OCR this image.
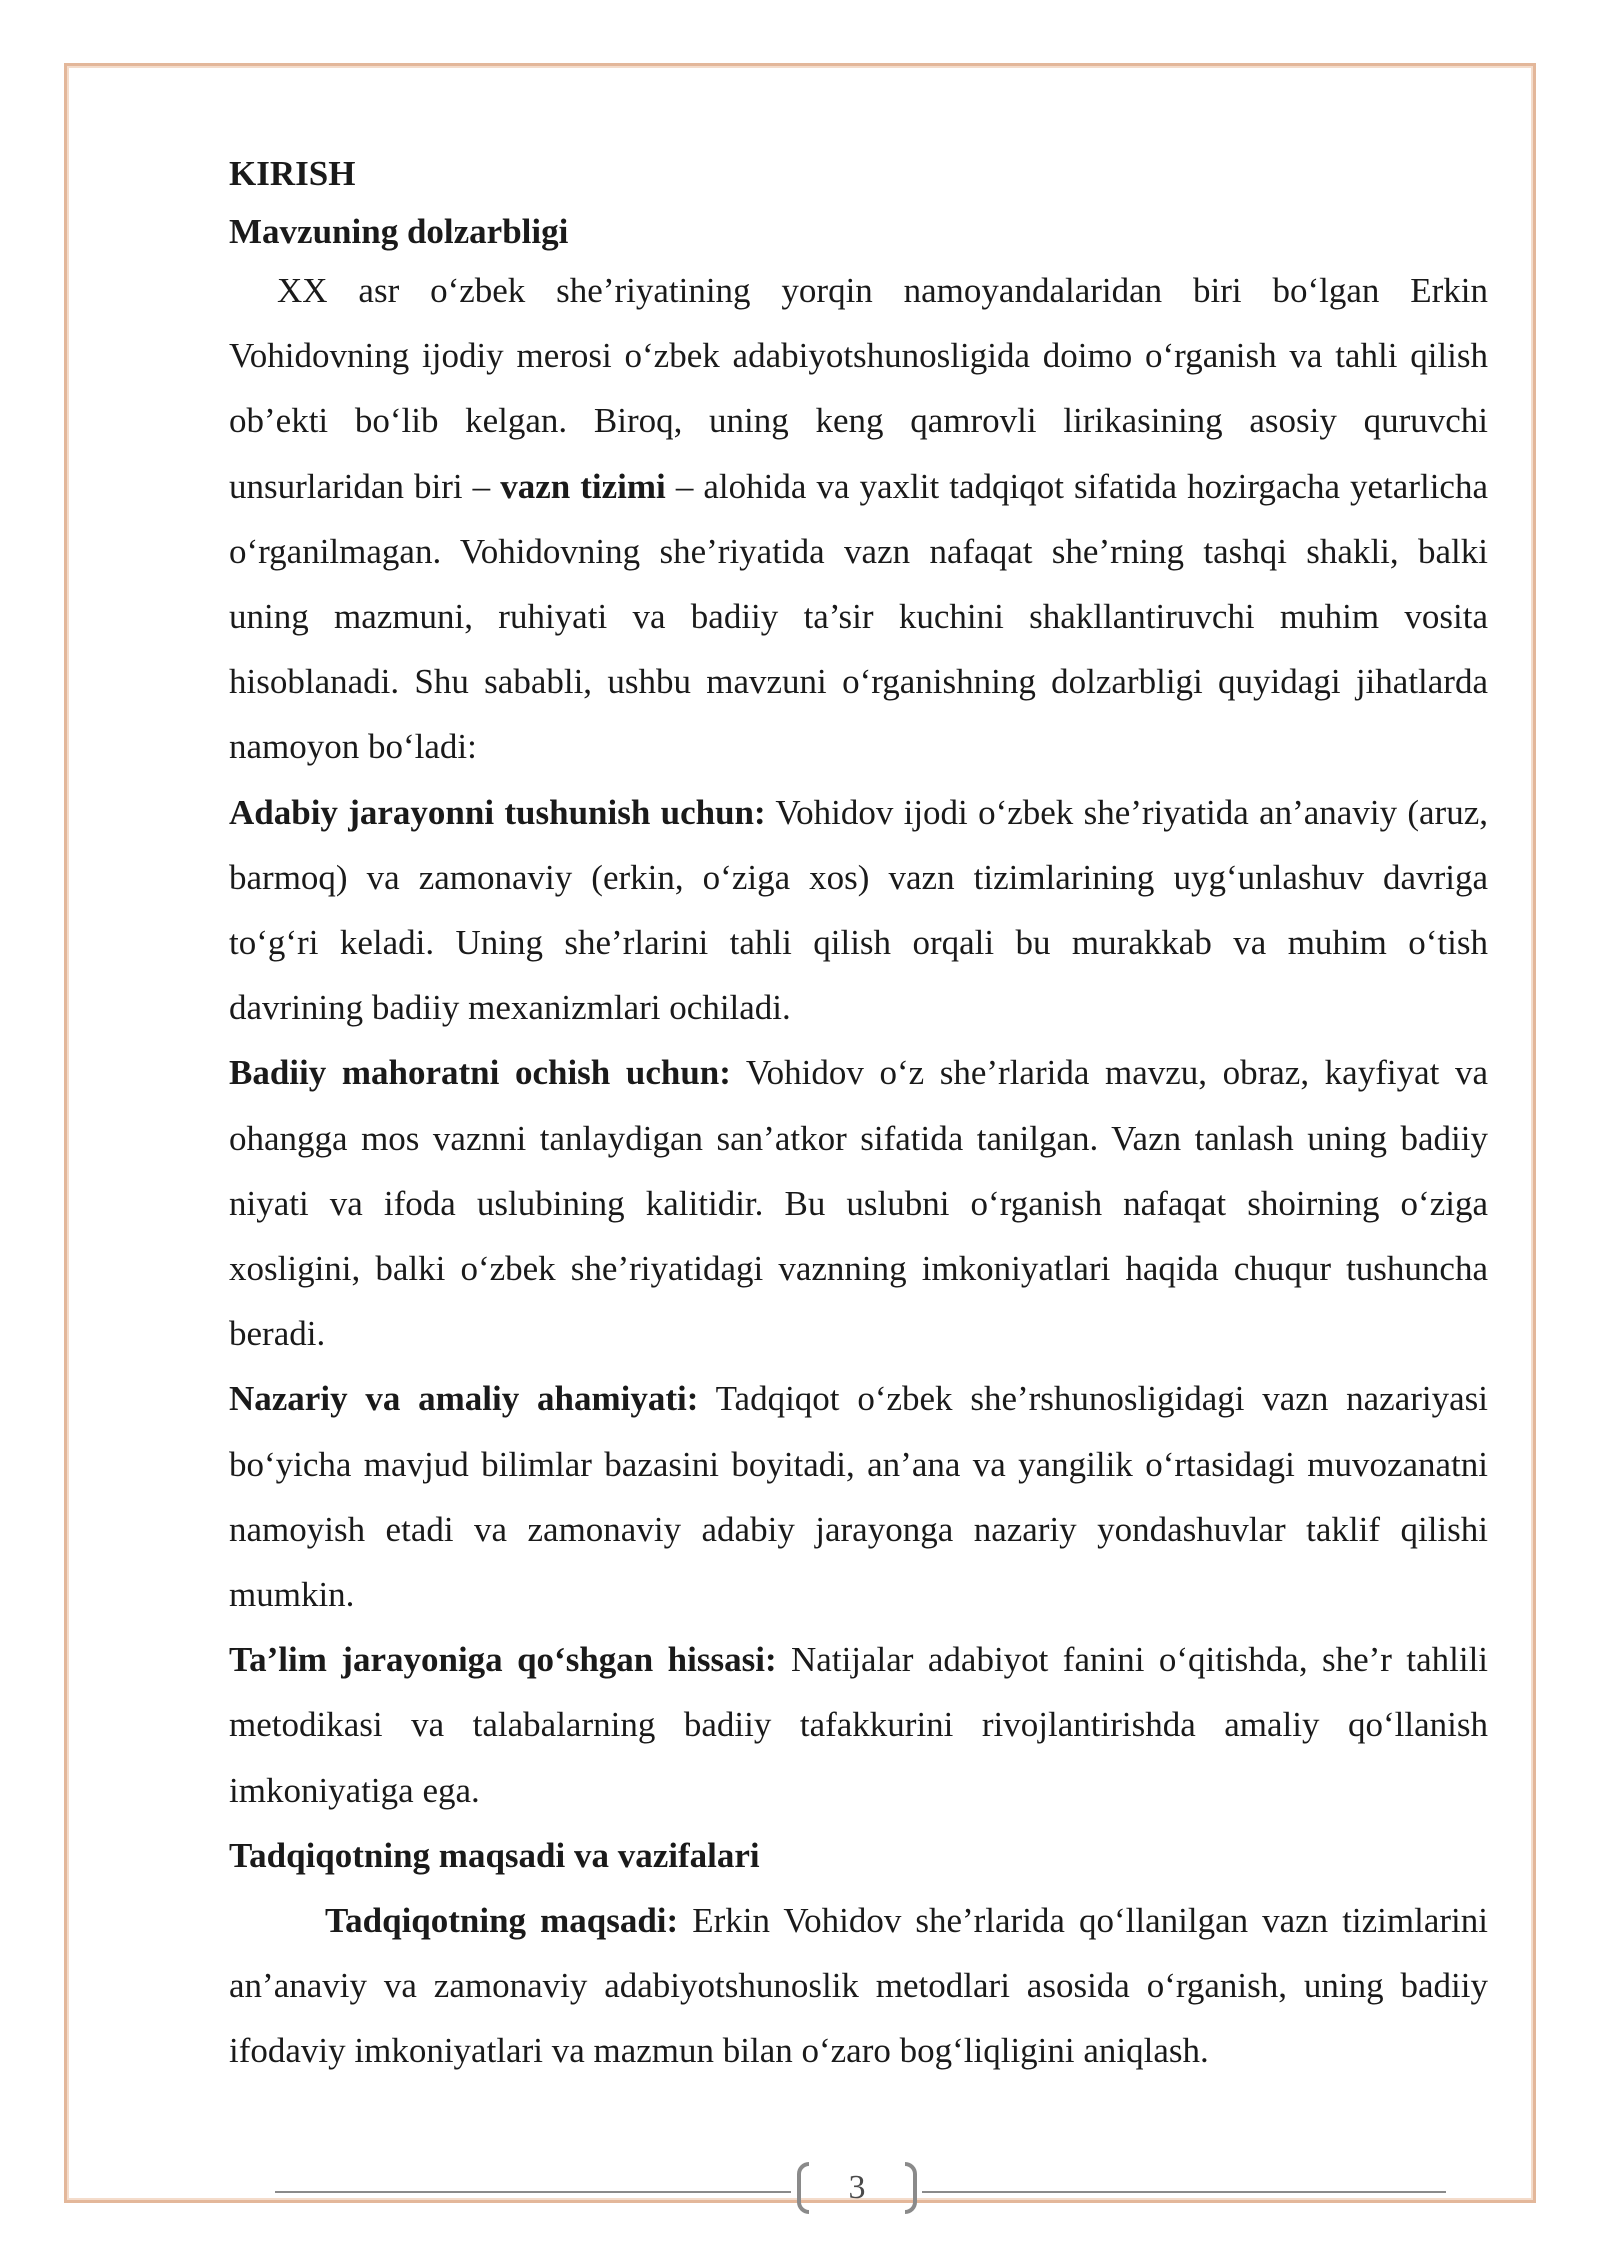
KIRISH

Mavzuning dolzarbligi

XX asr o‘zbek she’riyatining yorqin namoyandalaridan biri bo‘lgan Erkin Vohidovning ijodiy merosi o‘zbek adabiyotshunosligida doimo o‘rganish va tahli qilish ob’ekti bo‘lib kelgan. Biroq, uning keng qamrovli lirikasining asosiy quruvchi unsurlaridan biri – vazn tizimi – alohida va yaxlit tadqiqot sifatida hozirgacha yetarlicha o‘rganilmagan. Vohidovning she’riyatida vazn nafaqat she’rning tashqi shakli, balki uning mazmuni, ruhiyati va badiiy ta’sir kuchini shakllantiruvchi muhim vosita hisoblanadi. Shu sababli, ushbu mavzuni o‘rganishning dolzarbligi quyidagi jihatlarda namoyon bo‘ladi:

Adabiy jarayonni tushunish uchun: Vohidov ijodi o‘zbek she’riyatida an’anaviy (aruz, barmoq) va zamonaviy (erkin, o‘ziga xos) vazn tizimlarining uyg‘unlashuv davriga to‘g‘ri keladi. Uning she’rlarini tahli qilish orqali bu murakkab va muhim o‘tish davrining badiiy mexanizmlari ochiladi.

Badiiy mahoratni ochish uchun: Vohidov o‘z she’rlarida mavzu, obraz, kayfiyat va ohangga mos vaznni tanlaydigan san’atkor sifatida tanilgan. Vazn tanlash uning badiiy niyati va ifoda uslubining kalitidir. Bu uslubni o‘rganish nafaqat shoirning o‘ziga xosligini, balki o‘zbek she’riyatidagi vaznning imkoniyatlari haqida chuqur tushuncha beradi.

Nazariy va amaliy ahamiyati: Tadqiqot o‘zbek she’rshunosligidagi vazn nazariyasi bo‘yicha mavjud bilimlar bazasini boyitadi, an’ana va yangilik o‘rtasidagi muvozanatni namoyish etadi va zamonaviy adabiy jarayonga nazariy yondashuvlar taklif qilishi mumkin.

Ta’lim jarayoniga qo‘shgan hissasi: Natijalar adabiyot fanini o‘qitishda, she’r tahlili metodikasi va talabalarning badiiy tafakkurini rivojlantirishda amaliy qo‘llanish imkoniyatiga ega.

Tadqiqotning maqsadi va vazifalari

Tadqiqotning maqsadi: Erkin Vohidov she’rlarida qo‘llanilgan vazn tizimlarini an’anaviy va zamonaviy adabiyotshunoslik metodlari asosida o‘rganish, uning badiiy ifodaviy imkoniyatlari va mazmun bilan o‘zaro bog‘liqligini aniqlash.

3
